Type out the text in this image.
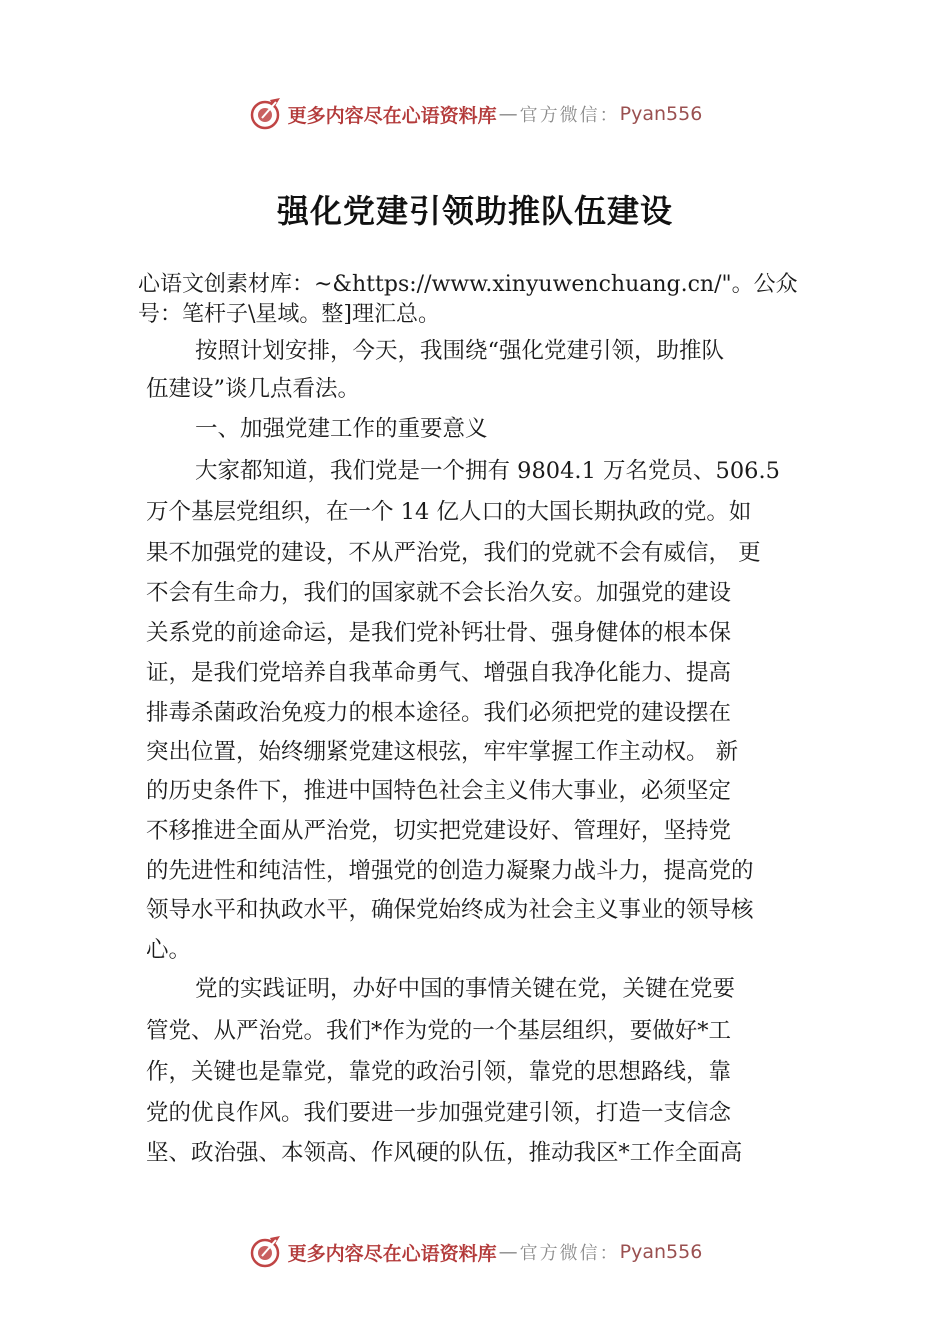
更多内容尽在心语资料库 — 官方微信： Pyan556
强化党建引领助推队伍建设

心语文创素材库：~&https://www.xinyuwenchuang.cn/"。公众
号：笔杆子\星域。整]理汇总。

按照计划安排，今天，我围绕“强化党建引领，助推队

伍建设”谈几点看法。

一、加强党建工作的重要意义

大家都知道，我们党是一个拥有 9804.1 万名党员、506.5

万个基层党组织，在一个 14 亿人口的大国长期执政的党。如

果不加强党的建设，不从严治党，我们的党就不会有威信， 更

不会有生命力，我们的国家就不会长治久安。加强党的建设

关系党的前途命运，是我们党补钙壮骨、强身健体的根本保

证，是我们党培养自我革命勇气、增强自我净化能力、提高

排毒杀菌政治免疫力的根本途径。我们必须把党的建设摆在

突出位置，始终绷紧党建这根弦，牢牢掌握工作主动权。 新

的历史条件下，推进中国特色社会主义伟大事业，必须坚定

不移推进全面从严治党，切实把党建设好、管理好，坚持党

的先进性和纯洁性，增强党的创造力凝聚力战斗力，提高党的

领导水平和执政水平，确保党始终成为社会主义事业的领导核

心。

党的实践证明，办好中国的事情关键在党，关键在党要

管党、从严治党。我们*作为党的一个基层组织，要做好*工

作，关键也是靠党，靠党的政治引领，靠党的思想路线，靠

党的优良作风。我们要进一步加强党建引领，打造一支信念

坚、政治强、本领高、作风硬的队伍，推动我区*工作全面高

更多内容尽在心语资料库 — 官方微信： Pyan556
